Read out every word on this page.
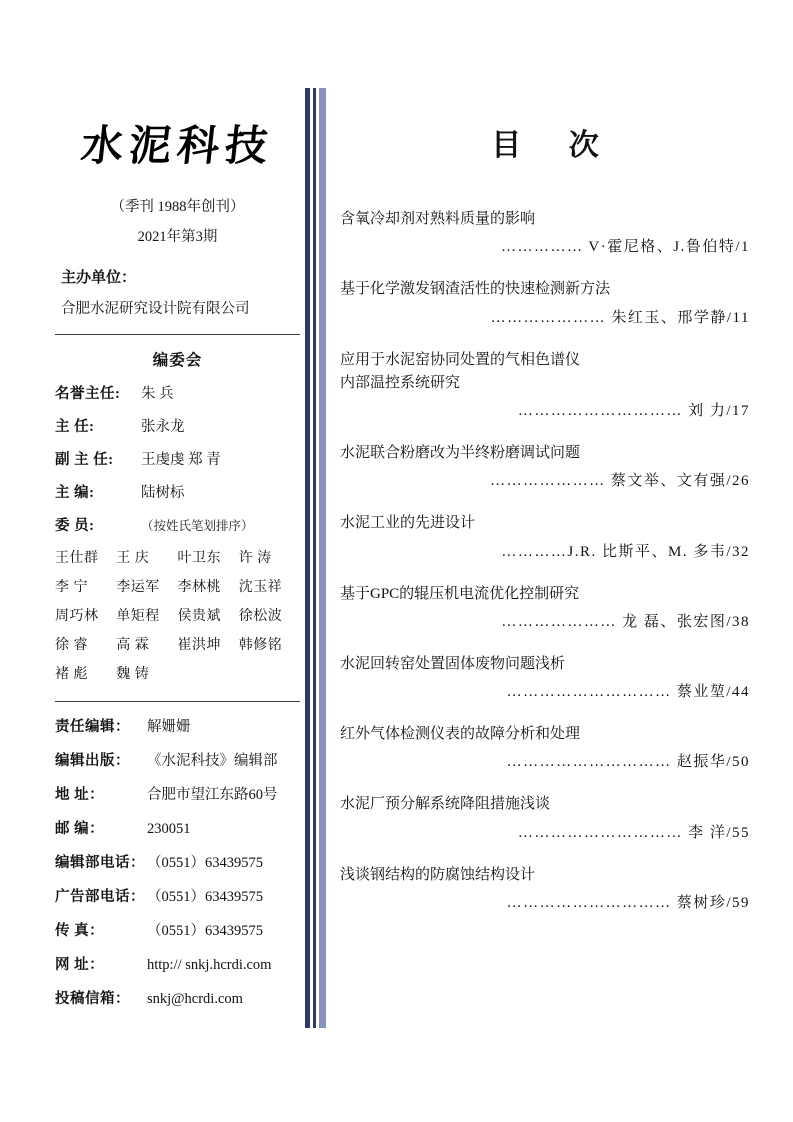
水泥科技
（季刊 1988年创刊）
2021年第3期
主办单位：
合肥水泥研究设计院有限公司
编委会
名誉主任:	朱 兵
主 任:	张永龙
副 主 任:	王虔虔 郑 青
主 编:	陆树标
委 员:	（按姓氏笔划排序）
王仕群	王 庆	叶卫东	许 涛
李 宁	李运军	李林桃	沈玉祥
周巧林	单矩程	侯贵斌	徐松波
徐 睿	高 霖	崔洪坤	韩修铭
褚 彪	魏 铸
责任编辑：	解姗姗
编辑出版：	《水泥科技》编辑部
地 址：	合肥市望江东路60号
邮 编：	230051
编辑部电话： （0551）63439575
广告部电话： （0551）63439575
传 真：	（0551）63439575
网 址：	http:// snkj.hcrdi.com
投稿信箱：	snkj@hcrdi.com
目 次
含氧冷却剂对熟料质量的影响
…………… V·霍尼格、J.鲁伯特/1
基于化学激发钢渣活性的快速检测新方法
………………… 朱红玉、邢学静/11
应用于水泥窑协同处置的气相色谱仪
内部温控系统研究
………………………… 刘 力/17
水泥联合粉磨改为半终粉磨调试问题
………………… 蔡文举、文有强/26
水泥工业的先进设计
…………J.R. 比斯平、M. 多韦/32
基于GPC的辊压机电流优化控制研究
………………… 龙 磊、张宏图/38
水泥回转窑处置固体废物问题浅析
………………………… 蔡业堃/44
红外气体检测仪表的故障分析和处理
………………………… 赵振华/50
水泥厂预分解系统降阻措施浅谈
………………………… 李 洋/55
浅谈钢结构的防腐蚀结构设计
………………………… 蔡树珍/59
